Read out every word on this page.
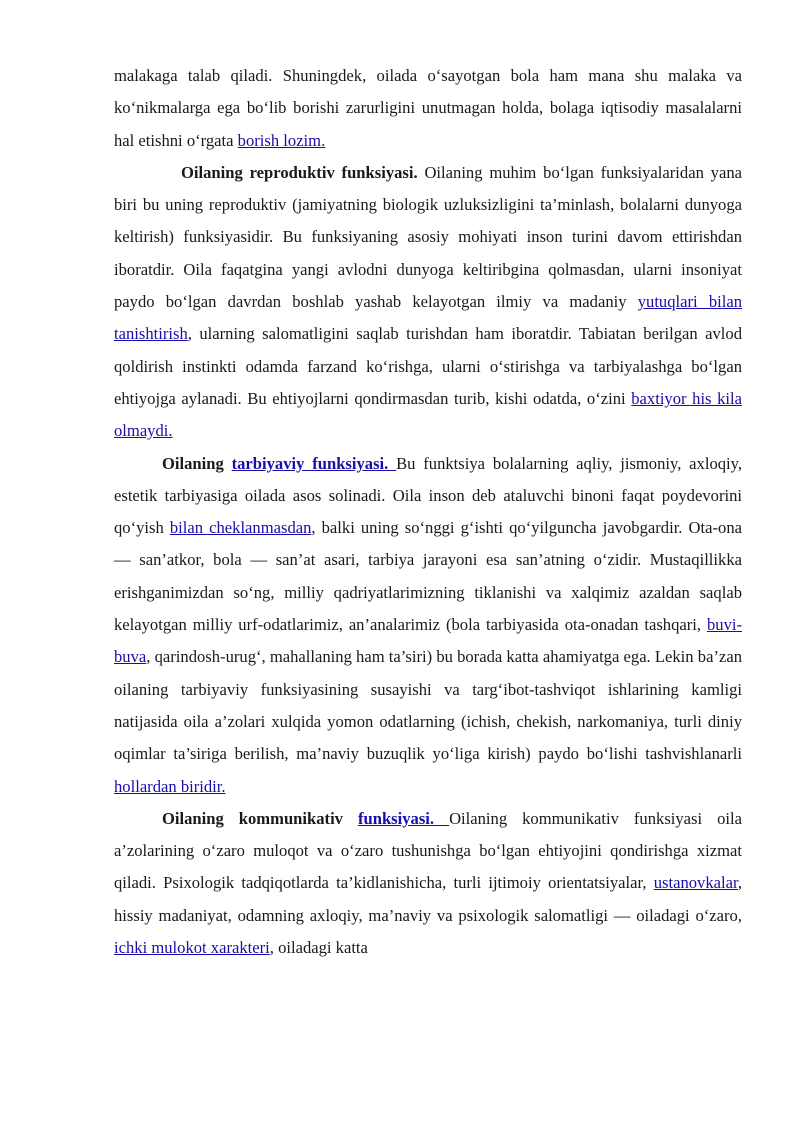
malakaga talab qiladi. Shuningdek, oilada o‘sayotgan bola ham mana shu malaka va ko‘nikmalarga ega bo‘lib borishi zarurligini unutmagan holda, bolaga iqtisodiy masalalarni hal etishni o‘rgata borish lozim.

Oilaning reproduktiv funksiyasi. Oilaning muhim bo‘lgan funksiyalaridan yana biri bu uning reproduktiv (jamiyatning biologik uzluksizligini ta’minlash, bolalarni dunyoga keltirish) funksiyasidir. Bu funksiyaning asosiy mohiyati inson turini davom ettirishdan iboratdir. Oila faqatgina yangi avlodni dunyoga keltiribgina qolmasdan, ularni insoniyat paydo bo‘lgan davrdan boshlab yashab kelayotgan ilmiy va madaniy yutuqlari bilan tanishtirish, ularning salomatligini saqlab turishdan ham iboratdir. Tabiatan berilgan avlod qoldirish instinkti odamda farzand ko‘rishga, ularni o‘stirishga va tarbiyalashga bo‘lgan ehtiyojga aylanadi. Bu ehtiyojlarni qondirmasdan turib, kishi odatda, o‘zini baxtiyor his kila olmaydi.

Oilaning tarbiyaviy funksiyasi. Bu funktsiya bolalarning aqliy, jismoniy, axloqiy, estetik tarbiyasiga oilada asos solinadi. Oila inson deb ataluvchi binoni faqat poydevorini qo‘yish bilan cheklanmasdan, balki uning so‘nggi g‘ishti qo‘yilguncha javobgardir. Ota-ona — san’atkor, bola — san’at asari, tarbiya jarayoni esa san’atning o‘zidir. Mustaqillikka erishganimizdan so‘ng, milliy qadriyatlarimizning tiklanishi va xalqimiz azaldan saqlab kelayotgan milliy urf-odatlarimiz, an’analarimiz (bola tarbiyasida ota-onadan tashqari, buvi-buva, qarindosh-urug‘, mahallaning ham ta’siri) bu borada katta ahamiyatga ega. Lekin ba’zan oilaning tarbiyaviy funksiyasining susayishi va targ‘ibot-tashviqot ishlarining kamligi natijasida oila a’zolari xulqida yomon odatlarning (ichish, chekish, narkomaniya, turli diniy oqimlar ta’siriga berilish, ma’naviy buzuqlik yo‘liga kirish) paydo bo‘lishi tashvishlanarli hollardan biridir.

Oilaning kommunikativ funksiyasi. Oilaning kommunikativ funksiyasi oila a’zolarining o‘zaro muloqot va o‘zaro tushunishga bo‘lgan ehtiyojini qondirishga xizmat qiladi. Psixologik tadqiqotlarda ta’kidlanishicha, turli ijtimoiy orientatsiyalar, ustanovkalar, hissiy madaniyat, odamning axloqiy, ma’naviy va psixologik salomatligi — oiladagi o‘zaro, ichki mulokot xarakteri, oiladagi katta
